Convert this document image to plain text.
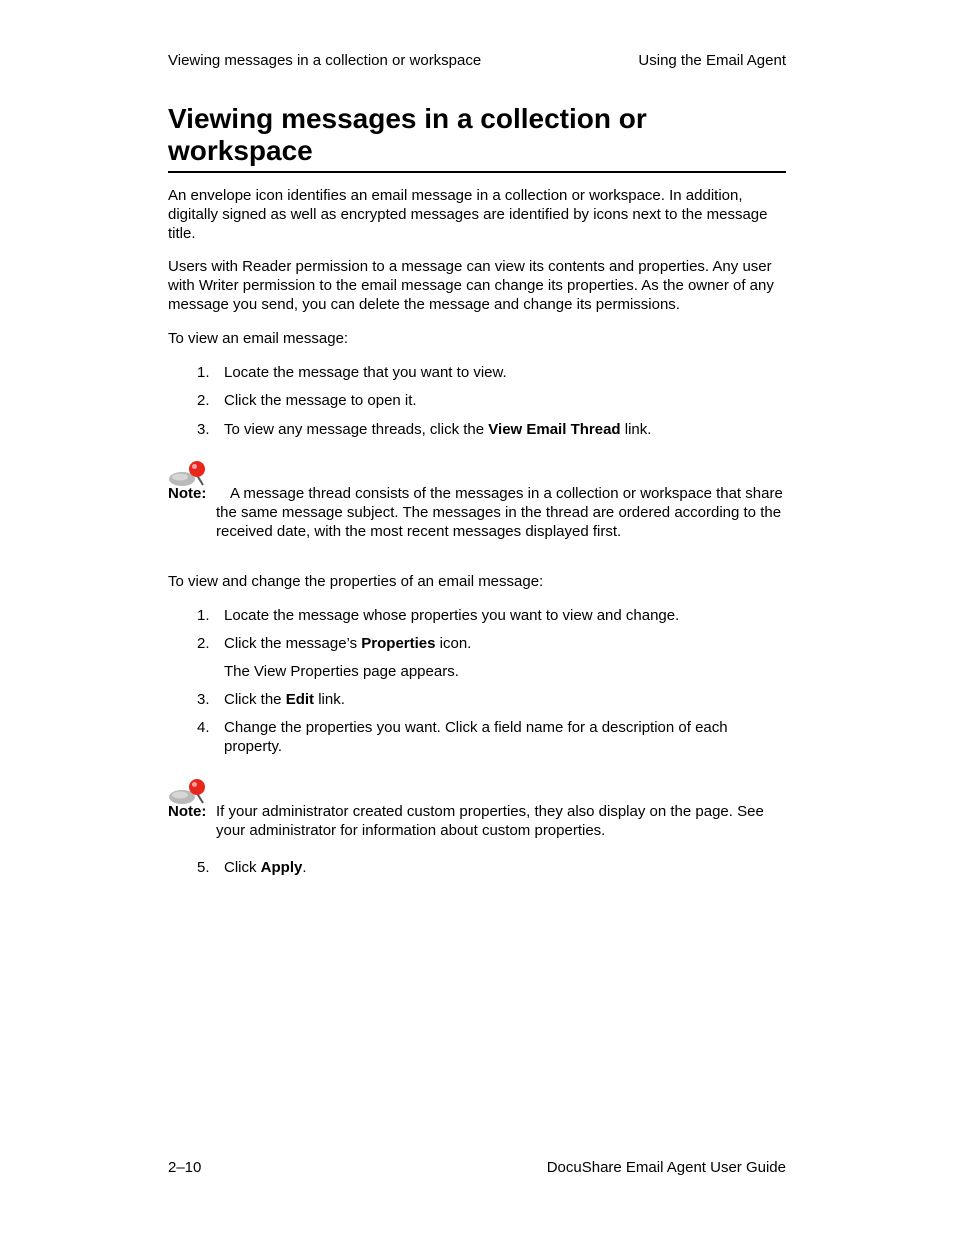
Viewing messages in a collection or workspace	Using the Email Agent
Viewing messages in a collection or workspace

An envelope icon identifies an email message in a collection or workspace. In addition, digitally signed as well as encrypted messages are identified by icons next to the message title.

Users with Reader permission to a message can view its contents and properties. Any user with Writer permission to the email message can change its properties. As the owner of any message you send, you can delete the message and change its permissions.

To view an email message:

1. Locate the message that you want to view.
2. Click the message to open it.
3. To view any message threads, click the View Email Thread link.
Note:	A message thread consists of the messages in a collection or workspace that share the same message subject. The messages in the thread are ordered according to the received date, with the most recent messages displayed first.

To view and change the properties of an email message:

1. Locate the message whose properties you want to view and change.
2. Click the message’s Properties icon.
The View Properties page appears.
3. Click the Edit link.
4. Change the properties you want. Click a field name for a description of each property.
Note: If your administrator created custom properties, they also display on the page. See your administrator for information about custom properties.
5. Click Apply.
2–10	DocuShare Email Agent User Guide
